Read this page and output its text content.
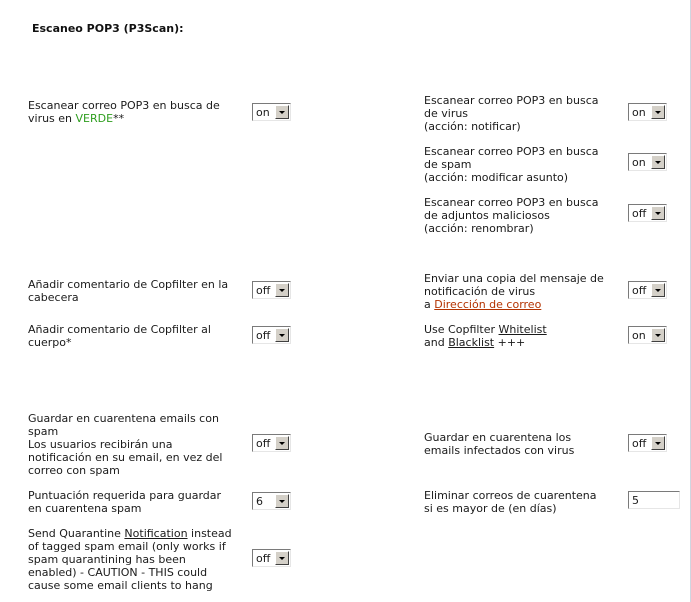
Escaneo POP3 (P3Scan):
Escanear correo POP3 en busca de
virus en VERDE**	on
Añadir comentario de Copfilter en la
cabecera
off
Añadir comentario de Copfilter al
cuerpo*
off
Guardar en cuarentena emails con
spam
Los usuarios recibirán una
notificación en su email, en vez del
correo con spam
off
Puntuación requerida para guardar
en cuarentena spam
6
Send Quarantine Notification instead
of tagged spam email (only works if
spam quarantining has been
enabled) - CAUTION - THIS could
cause some email clients to hang
off
Escanear correo POP3 en busca
de virus
(acción: notificar)
on
Escanear correo POP3 en busca
de spam
(acción: modificar asunto)
on
Escanear correo POP3 en busca
de adjuntos maliciosos
(acción: renombrar)
off
Enviar una copia del mensaje de
notificación de virus
a Dirección de correo
off
Use Copfilter Whitelist
and Blacklist +++
on
Guardar en cuarentena los
emails infectados con virus
off
Eliminar correos de cuarentena
si es mayor de (en días)
5
